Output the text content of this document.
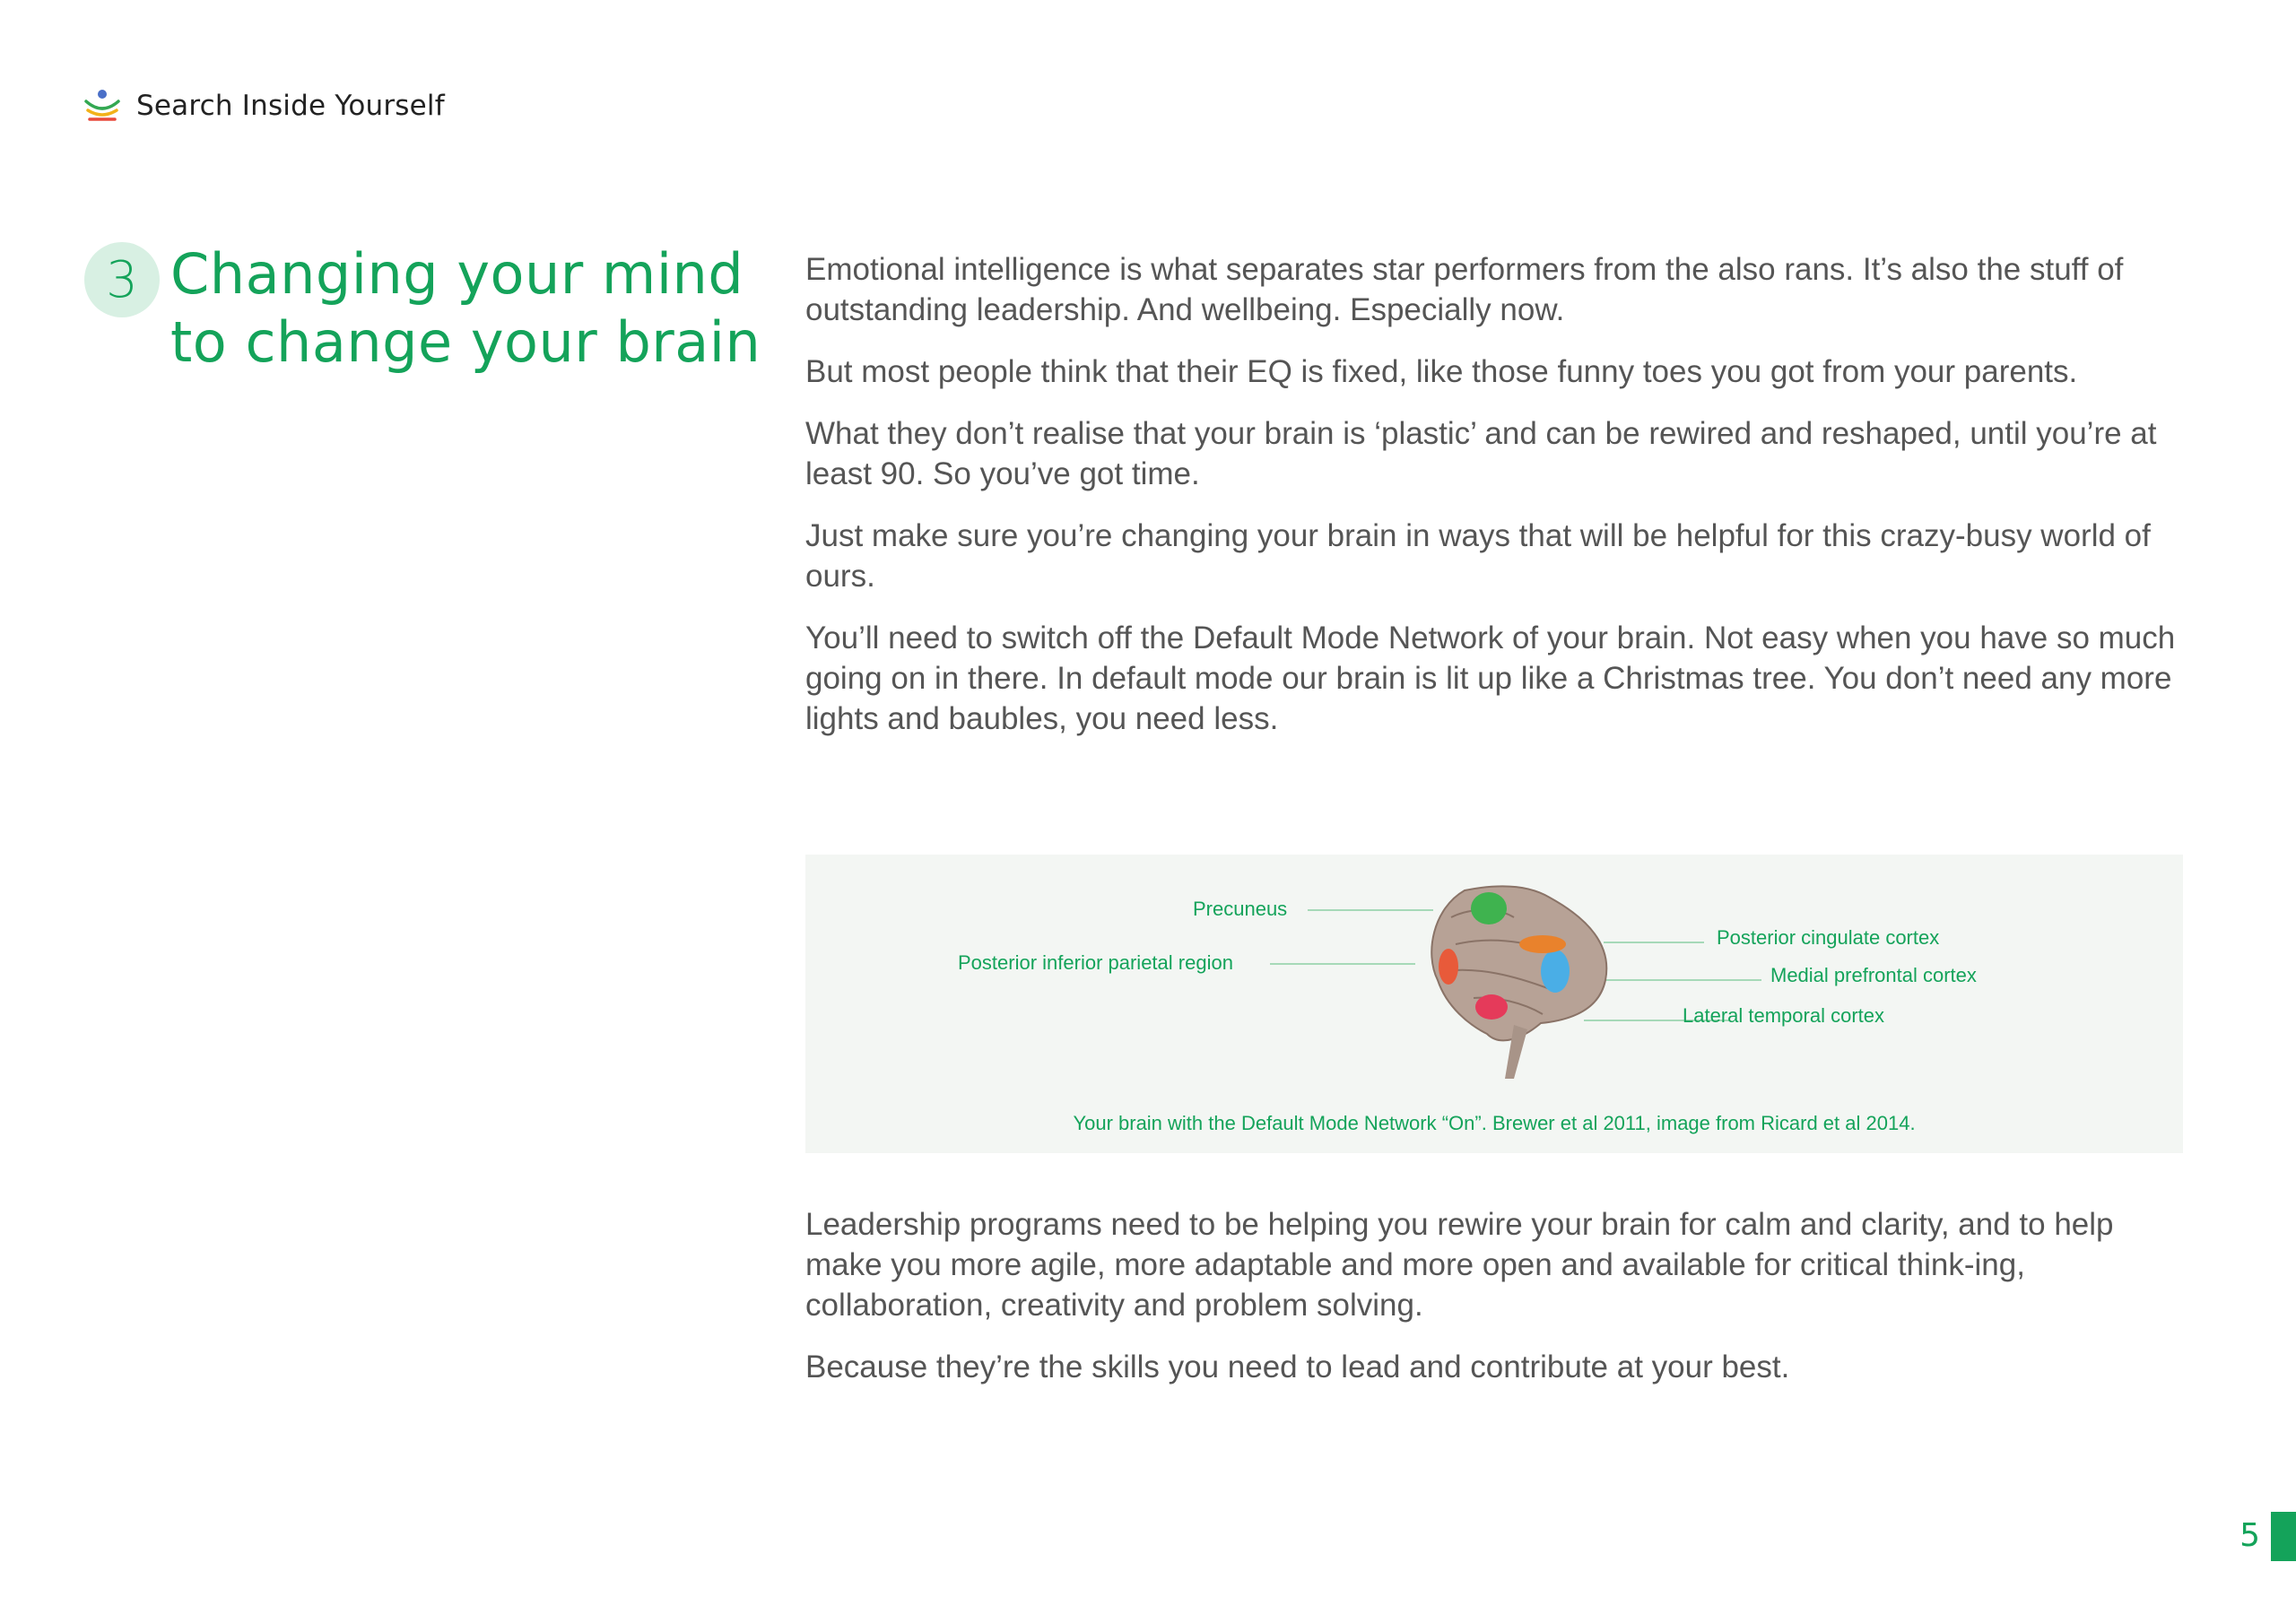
Search Inside Yourself
3 Changing your mind to change your brain

Emotional intelligence is what separates star performers from the also rans. It’s also the stuff of outstanding leadership. And wellbeing. Especially now.

But most people think that their EQ is fixed, like those funny toes you got from your parents.

What they don’t realise that your brain is ‘plastic’ and can be rewired and reshaped, until you’re at least 90. So you’ve got time.

Just make sure you’re changing your brain in ways that will be helpful for this crazy-busy world of ours.

You’ll need to switch off the Default Mode Network of your brain. Not easy when you have so much going on in there. In default mode our brain is lit up like a Christmas tree. You don’t need any more lights and baubles, you need less.

Precuneus
Posterior inferior parietal region
Posterior cingulate cortex
Medial prefrontal cortex
Lateral temporal cortex
Your brain with the Default Mode Network “On”. Brewer et al 2011, image from Ricard et al 2014.

Leadership programs need to be helping you rewire your brain for calm and clarity, and to help make you more agile, more adaptable and more open and available for critical think-ing, collaboration, creativity and problem solving.

Because they’re the skills you need to lead and contribute at your best.

5
